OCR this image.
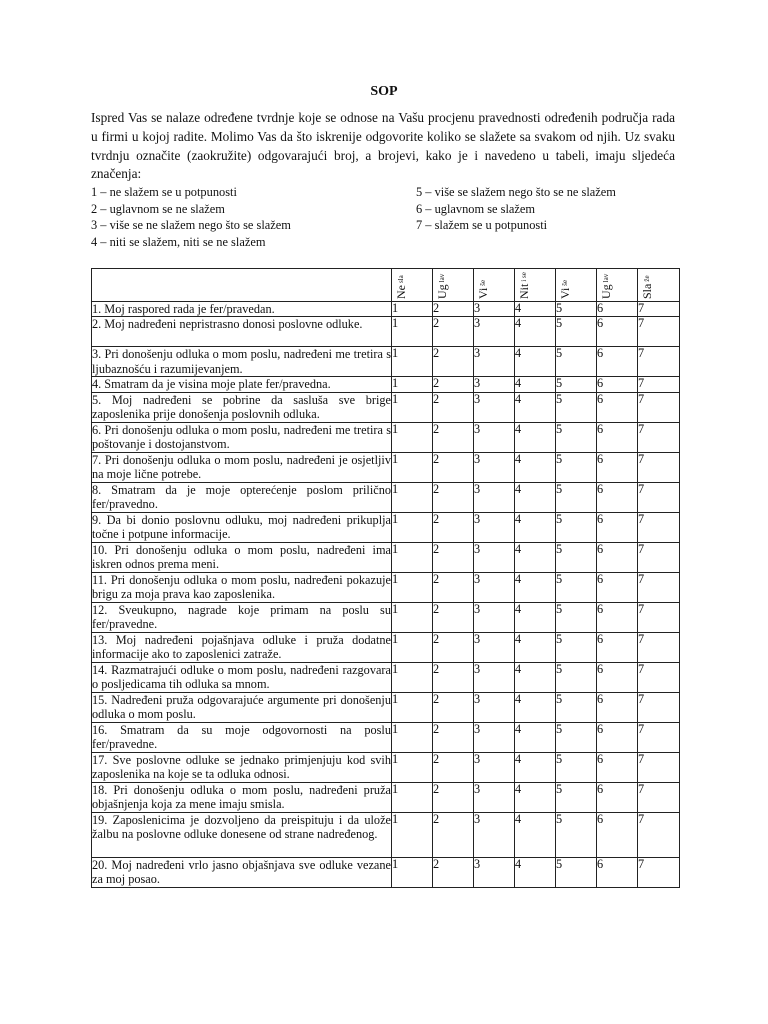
SOP

Ispred Vas se nalaze određene tvrdnje koje se odnose na Vašu procjenu pravednosti određenih područja rada u firmi u kojoj radite. Molimo Vas da što iskrenije odgovorite koliko se slažete sa svakom od njih. Uz svaku tvrdnju označite (zaokružite) odgovarajući broj, a brojevi, kako je i navedeno u tabeli, imaju sljedeća značenja:

1 – ne slažem se u potpunosti
2 – uglavnom se ne slažem
3 – više se ne slažem nego što se slažem
4 – niti se slažem, niti se ne slažem
5 – više se slažem nego što se ne slažem
6 – uglavnom se slažem
7 – slažem se u potpunosti

	$Ne^{sla}$	$Ug^{lav}$	$Vi^{še}$	Nit$^{i se}$	$Vi^{še}$	$Ug^{lav}$	Sla$^{že}$

1. Moj raspored rada je fer/pravedan.	1	2	3	4	5	6	7
2. Moj nadređeni nepristrasno donosi poslovne odluke.	1	2	3	4	5	6	7
3. Pri donošenju odluka o mom poslu, nadređeni me tretira s ljubaznošću i razumijevanjem.	1	2	3	4	5	6	7
4. Smatram da je visina moje plate fer/pravedna.	1	2	3	4	5	6	7
5. Moj nadređeni se pobrine da sasluša sve brige zaposlenika prije donošenja poslovnih odluka.	1	2	3	4	5	6	7
6. Pri donošenju odluka o mom poslu, nadređeni me tretira s poštovanje i dostojanstvom.	1	2	3	4	5	6	7
7. Pri donošenju odluka o mom poslu, nadređeni je osjetljiv na moje lične potrebe.	1	2	3	4	5	6	7
8. Smatram da je moje opterećenje poslom prilično fer/pravedno.	1	2	3	4	5	6	7
9. Da bi donio poslovnu odluku, moj nadređeni prikuplja točne i potpune informacije.	1	2	3	4	5	6	7
10. Pri donošenju odluka o mom poslu, nadređeni ima iskren odnos prema meni.	1	2	3	4	5	6	7
11. Pri donošenju odluka o mom poslu, nadređeni pokazuje brigu za moja prava kao zaposlenika.	1	2	3	4	5	6	7
12. Sveukupno, nagrade koje primam na poslu su fer/pravedne.	1	2	3	4	5	6	7
13. Moj nadređeni pojašnjava odluke i pruža dodatne informacije ako to zaposlenici zatraže.	1	2	3	4	5	6	7
14. Razmatrajući odluke o mom poslu, nadređeni razgovara o posljedicama tih odluka sa mnom.	1	2	3	4	5	6	7
15. Nadređeni pruža odgovarajuće argumente pri donošenju odluka o mom poslu.	1	2	3	4	5	6	7
16. Smatram da su moje odgovornosti na poslu fer/pravedne.	1	2	3	4	5	6	7
17. Sve poslovne odluke se jednako primjenjuju kod svih zaposlenika na koje se ta odluka odnosi.	1	2	3	4	5	6	7
18. Pri donošenju odluka o mom poslu, nadređeni pruža objašnjenja koja za mene imaju smisla.	1	2	3	4	5	6	7
19. Zaposlenicima je dozvoljeno da preispituju i da ulože žalbu na poslovne odluke donesene od strane nadređenog.	1	2	3	4	5	6	7
20. Moj nadređeni vrlo jasno objašnjava sve odluke vezane za moj posao.	1	2	3	4	5	6	7
